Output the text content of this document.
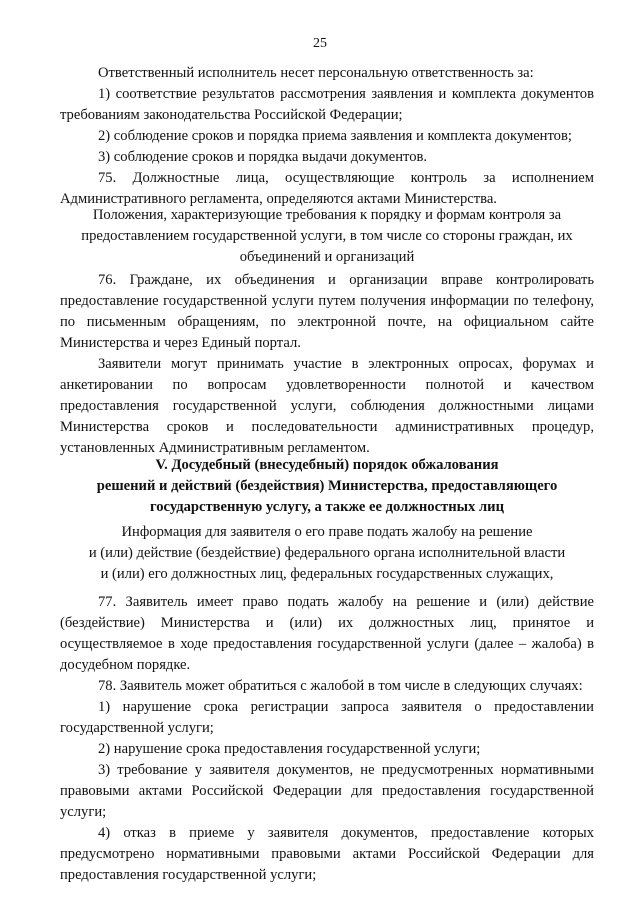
25

Ответственный исполнитель несет персональную ответственность за:

1) соответствие результатов рассмотрения заявления и комплекта документов требованиям законодательства Российской Федерации;

2) соблюдение сроков и порядка приема заявления и комплекта документов;

3) соблюдение сроков и порядка выдачи документов.

75. Должностные лица, осуществляющие контроль за исполнением Административного регламента, определяются актами Министерства.

Положения, характеризующие требования к порядку и формам контроля за предоставлением государственной услуги, в том числе со стороны граждан, их объединений и организаций

76. Граждане, их объединения и организации вправе контролировать предоставление государственной услуги путем получения информации по телефону, по письменным обращениям, по электронной почте, на официальном сайте Министерства и через Единый портал.

Заявители могут принимать участие в электронных опросах, форумах и анкетировании по вопросам удовлетворенности полнотой и качеством предоставления государственной услуги, соблюдения должностными лицами Министерства сроков и последовательности административных процедур, установленных Административным регламентом.

V. Досудебный (внесудебный) порядок обжалования

решений и действий (бездействия) Министерства, предоставляющего

государственную услугу, а также ее должностных лиц

Информация для заявителя о его праве подать жалобу на решение

и (или) действие (бездействие) федерального органа исполнительной власти

и (или) его должностных лиц, федеральных государственных служащих,

77. Заявитель имеет право подать жалобу на решение и (или) действие (бездействие) Министерства и (или) их должностных лиц, принятое и осуществляемое в ходе предоставления государственной услуги (далее – жалоба) в досудебном порядке.

78. Заявитель может обратиться с жалобой в том числе в следующих случаях:

1) нарушение срока регистрации запроса заявителя о предоставлении государственной услуги;

2) нарушение срока предоставления государственной услуги;

3) требование у заявителя документов, не предусмотренных нормативными правовыми актами Российской Федерации для предоставления государственной услуги;

4) отказ в приеме у заявителя документов, предоставление которых предусмотрено нормативными правовыми актами Российской Федерации для предоставления государственной услуги;
